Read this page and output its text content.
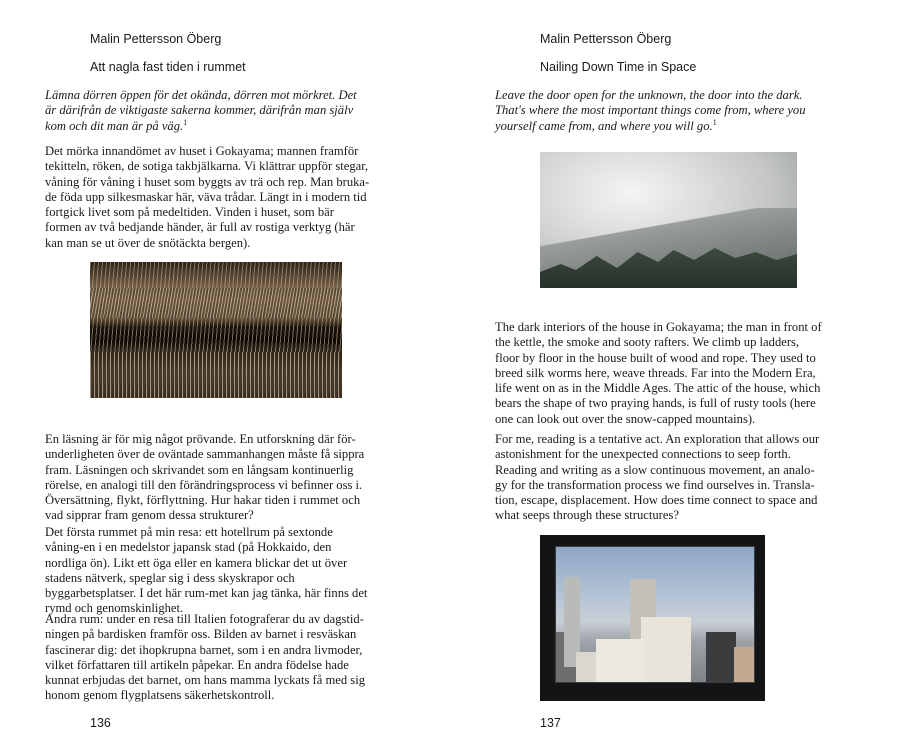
Malin Pettersson Öberg
Att nagla fast tiden i rummet
Lämna dörren öppen för det okända, dörren mot mörkret. Det är därifrån de viktigaste sakerna kommer, därifrån man själv kom och dit man är på väg.$^1$
Det mörka innandömet av huset i Gokayama; mannen framför tekitteln, röken, de sotiga takbjälkarna. Vi klättrar uppför stegar, våning för våning i huset som byggts av trä och rep. Man bruka-de föda upp silkesmaskar här, väva trådar. Längt in i modern tid fortgick livet som på medeltiden. Vinden i huset, som bär formen av två bedjande händer, är full av rostiga verktyg (här kan man se ut över de snötäckta bergen).
En läsning är för mig något prövande. En utforskning där för-underligheten över de oväntade sammanhangen måste få sippra fram. Läsningen och skrivandet som en långsam kontinuerlig rörelse, en analogi till den förändringsprocess vi befinner oss i. Översättning, flykt, förflyttning. Hur hakar tiden i rummet och vad sipprar fram genom dessa strukturer?
Det första rummet på min resa: ett hotellrum på sextonde våning-en i en medelstor japansk stad (på Hokkaido, den nordliga ön). Likt ett öga eller en kamera blickar det ut över stadens nätverk, speglar sig i dess skyskrapor och byggarbetsplatser. I det här rum-met kan jag tänka, här finns det rymd och genomskinlighet.
Andra rum: under en resa till Italien fotograferar du av dagstid-ningen på bardisken framför oss. Bilden av barnet i resväskan fascinerar dig: det ihopkrupna barnet, som i en andra livmoder, vilket författaren till artikeln påpekar. En andra födelse hade kunnat erbjudas det barnet, om hans mamma lyckats få med sig honom genom flygplatsens säkerhetskontroll.
136
Malin Pettersson Öberg
Nailing Down Time in Space
Leave the door open for the unknown, the door into the dark. That's where the most important things come from, where you yourself came from, and where you will go.$^1$
The dark interiors of the house in Gokayama; the man in front of the kettle, the smoke and sooty rafters. We climb up ladders, floor by floor in the house built of wood and rope. They used to breed silk worms here, weave threads. Far into the Modern Era, life went on as in the Middle Ages. The attic of the house, which bears the shape of two praying hands, is full of rusty tools (here one can look out over the snow-capped mountains).
For me, reading is a tentative act. An exploration that allows our astonishment for the unexpected connections to seep forth. Reading and writing as a slow continuous movement, an analo-gy for the transformation process we find ourselves in. Transla-tion, escape, displacement. How does time connect to space and what seeps through these structures?
137
